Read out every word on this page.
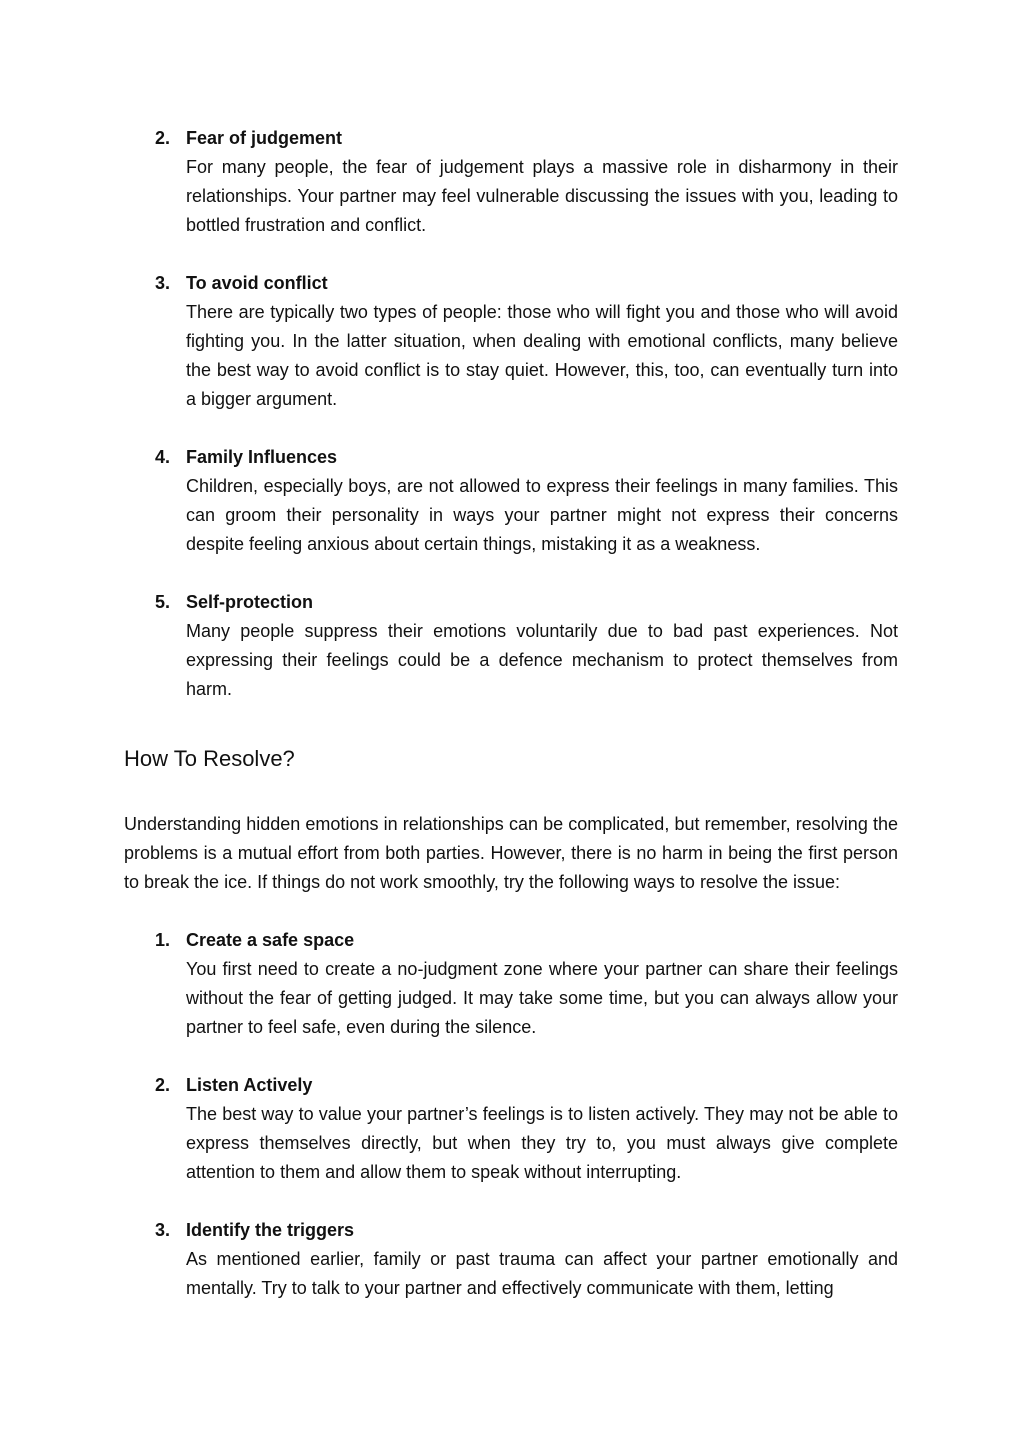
2. Fear of judgement
For many people, the fear of judgement plays a massive role in disharmony in their relationships. Your partner may feel vulnerable discussing the issues with you, leading to bottled frustration and conflict.
3. To avoid conflict
There are typically two types of people: those who will fight you and those who will avoid fighting you. In the latter situation, when dealing with emotional conflicts, many believe the best way to avoid conflict is to stay quiet. However, this, too, can eventually turn into a bigger argument.
4. Family Influences
Children, especially boys, are not allowed to express their feelings in many families. This can groom their personality in ways your partner might not express their concerns despite feeling anxious about certain things, mistaking it as a weakness.
5. Self-protection
Many people suppress their emotions voluntarily due to bad past experiences. Not expressing their feelings could be a defence mechanism to protect themselves from harm.
How To Resolve?

Understanding hidden emotions in relationships can be complicated, but remember, resolving the problems is a mutual effort from both parties. However, there is no harm in being the first person to break the ice. If things do not work smoothly, try the following ways to resolve the issue:

1. Create a safe space
You first need to create a no-judgment zone where your partner can share their feelings without the fear of getting judged. It may take some time, but you can always allow your partner to feel safe, even during the silence.
2. Listen Actively
The best way to value your partner’s feelings is to listen actively. They may not be able to express themselves directly, but when they try to, you must always give complete attention to them and allow them to speak without interrupting.
3. Identify the triggers
As mentioned earlier, family or past trauma can affect your partner emotionally and mentally. Try to talk to your partner and effectively communicate with them, letting
